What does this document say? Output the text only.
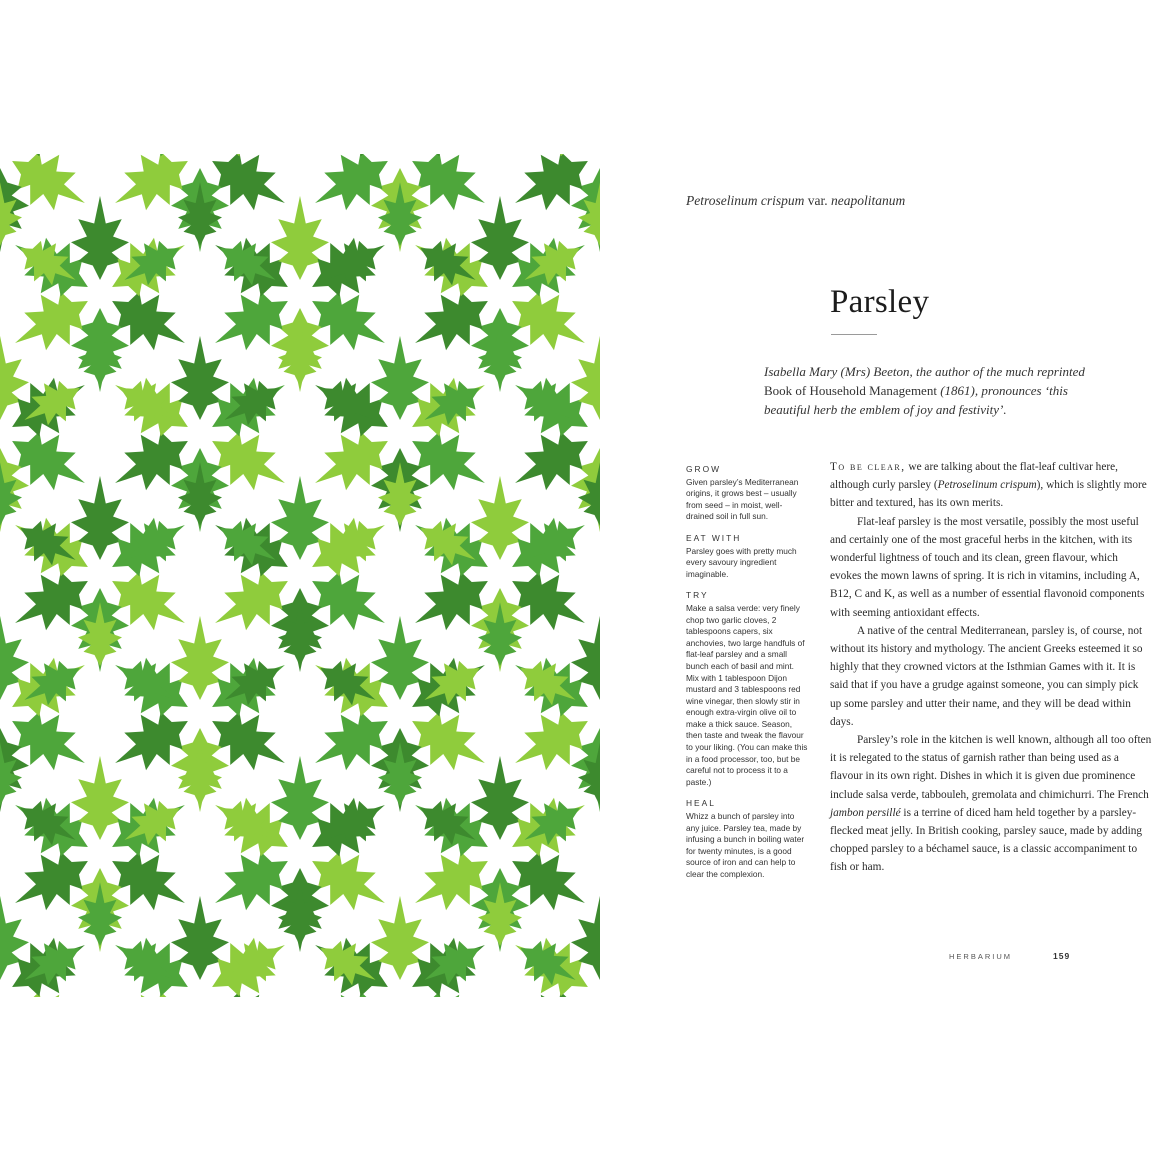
Petroselinum crispum var. neapolitanum
Parsley
Isabella Mary (Mrs) Beeton, the author of the much reprinted Book of Household Management (1861), pronounces ‘this beautiful herb the emblem of joy and festivity’.
GROW
Given parsley’s Mediterranean origins, it grows best – usually from seed – in moist, well-drained soil in full sun.
EAT WITH
Parsley goes with pretty much every savoury ingredient imaginable.
TRY
Make a salsa verde: very finely chop two garlic cloves, 2 tablespoons capers, six anchovies, two large handfuls of flat-leaf parsley and a small bunch each of basil and mint. Mix with 1 tablespoon Dijon mustard and 3 tablespoons red wine vinegar, then slowly stir in enough extra-virgin olive oil to make a thick sauce. Season, then taste and tweak the flavour to your liking. (You can make this in a food processor, too, but be careful not to process it to a paste.)
HEAL
Whizz a bunch of parsley into any juice. Parsley tea, made by infusing a bunch in boiling water for twenty minutes, is a good source of iron and can help to clear the complexion.

To be clear, we are talking about the flat-leaf cultivar here, although curly parsley (Petroselinum crispum), which is slightly more bitter and textured, has its own merits.

Flat-leaf parsley is the most versatile, possibly the most useful and certainly one of the most graceful herbs in the kitchen, with its wonderful lightness of touch and its clean, green flavour, which evokes the mown lawns of spring. It is rich in vitamins, including A, B12, C and K, as well as a number of essential flavonoid components with seeming antioxidant effects.

A native of the central Mediterranean, parsley is, of course, not without its history and mythology. The ancient Greeks esteemed it so highly that they crowned victors at the Isthmian Games with it. It is said that if you have a grudge against someone, you can simply pick up some parsley and utter their name, and they will be dead within days.

Parsley’s role in the kitchen is well known, although all too often it is relegated to the status of garnish rather than being used as a flavour in its own right. Dishes in which it is given due prominence include salsa verde, tabbouleh, gremolata and chimichurri. The French jambon persillé is a terrine of diced ham held together by a parsley-flecked meat jelly. In British cooking, parsley sauce, made by adding chopped parsley to a béchamel sauce, is a classic accompaniment to fish or ham.

HERBARIUM	159
